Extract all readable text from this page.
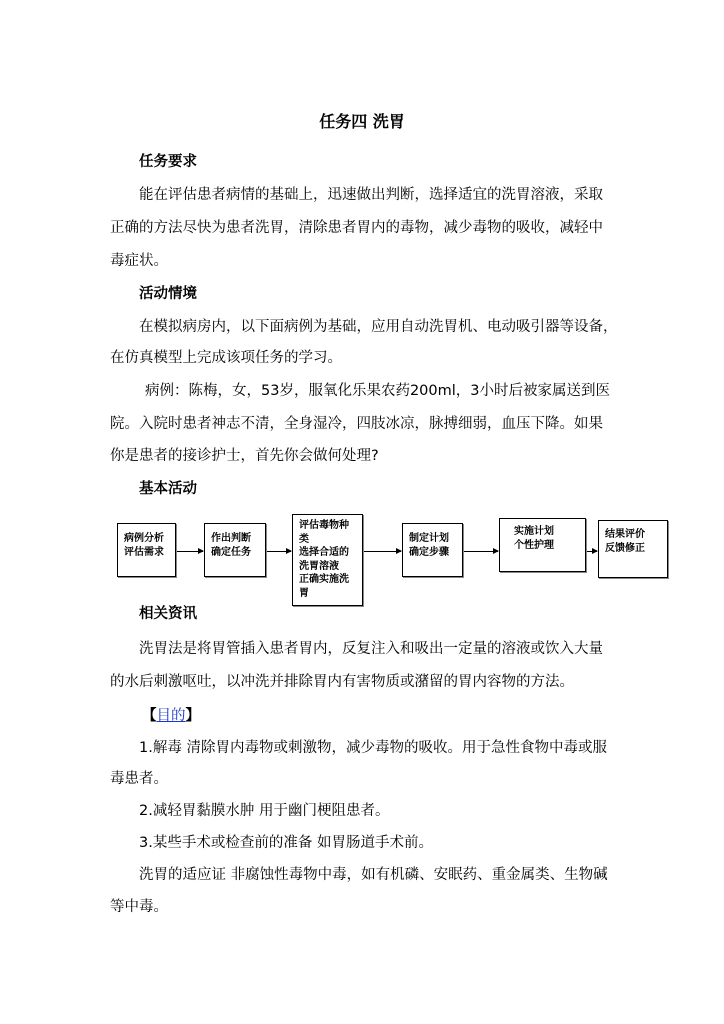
任务四 洗胃
任务要求
能在评估患者病情的基础上，迅速做出判断，选择适宜的洗胃溶液，采取
正确的方法尽快为患者洗胃，清除患者胃内的毒物，减少毒物的吸收，减轻中
毒症状。
活动情境
在模拟病房内，以下面病例为基础，应用自动洗胃机、电动吸引器等设备，
在仿真模型上完成该项任务的学习。
病例：陈梅，女，53岁，服氧化乐果农药200ml，3小时后被家属送到医
院。入院时患者神志不清，全身湿冷，四肢冰凉，脉搏细弱，血压下降。如果
你是患者的接诊护士，首先你会做何处理?
基本活动
病例分析
评估需求
作出判断
确定任务
评估毒物种
类
选择合适的
洗胃溶液
正确实施洗
胃
制定计划
确定步骤
实施计划
个性护理
结果评价
反馈修正
相关资讯
洗胃法是将胃管插入患者胃内，反复注入和吸出一定量的溶液或饮入大量
的水后刺激呕吐，以冲洗并排除胃内有害物质或潴留的胃内容物的方法。
【目的】
1.解毒 清除胃内毒物或刺激物，减少毒物的吸收。用于急性食物中毒或服
毒患者。
2.减轻胃黏膜水肿 用于幽门梗阻患者。
3.某些手术或检查前的准备 如胃肠道手术前。
洗胃的适应证 非腐蚀性毒物中毒，如有机磷、安眠药、重金属类、生物碱
等中毒。
